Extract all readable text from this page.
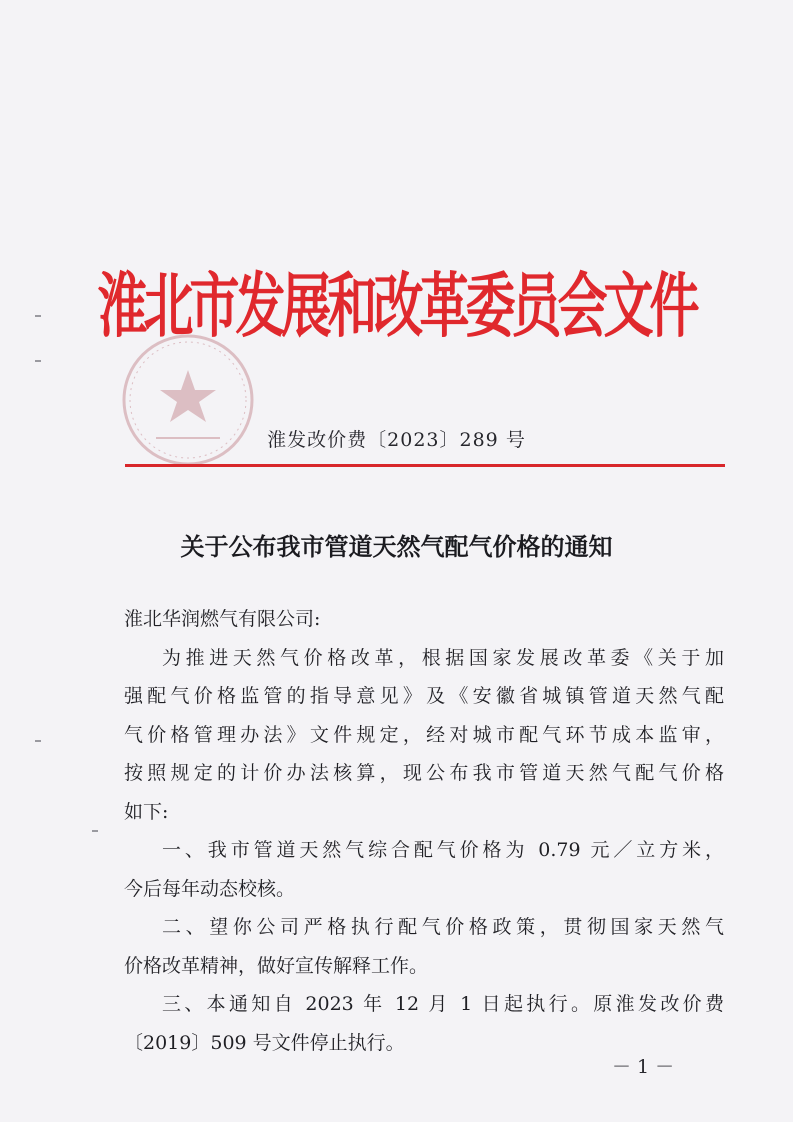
淮北市发展和改革委员会文件
淮发改价费〔2023〕289 号
关于公布我市管道天然气配气价格的通知
淮北华润燃气有限公司:
为推进天然气价格改革，根据国家发展改革委《关于加
强配气价格监管的指导意见》及《安徽省城镇管道天然气配
气价格管理办法》文件规定，经对城市配气环节成本监审，
按照规定的计价办法核算，现公布我市管道天然气配气价格
如下:
一、我市管道天然气综合配气价格为 0.79 元／立方米，
今后每年动态校核。
二、望你公司严格执行配气价格政策，贯彻国家天然气
价格改革精神，做好宣传解释工作。
三、本通知自 2023 年 12 月 1 日起执行。原淮发改价费
〔2019〕509 号文件停止执行。
－1－
